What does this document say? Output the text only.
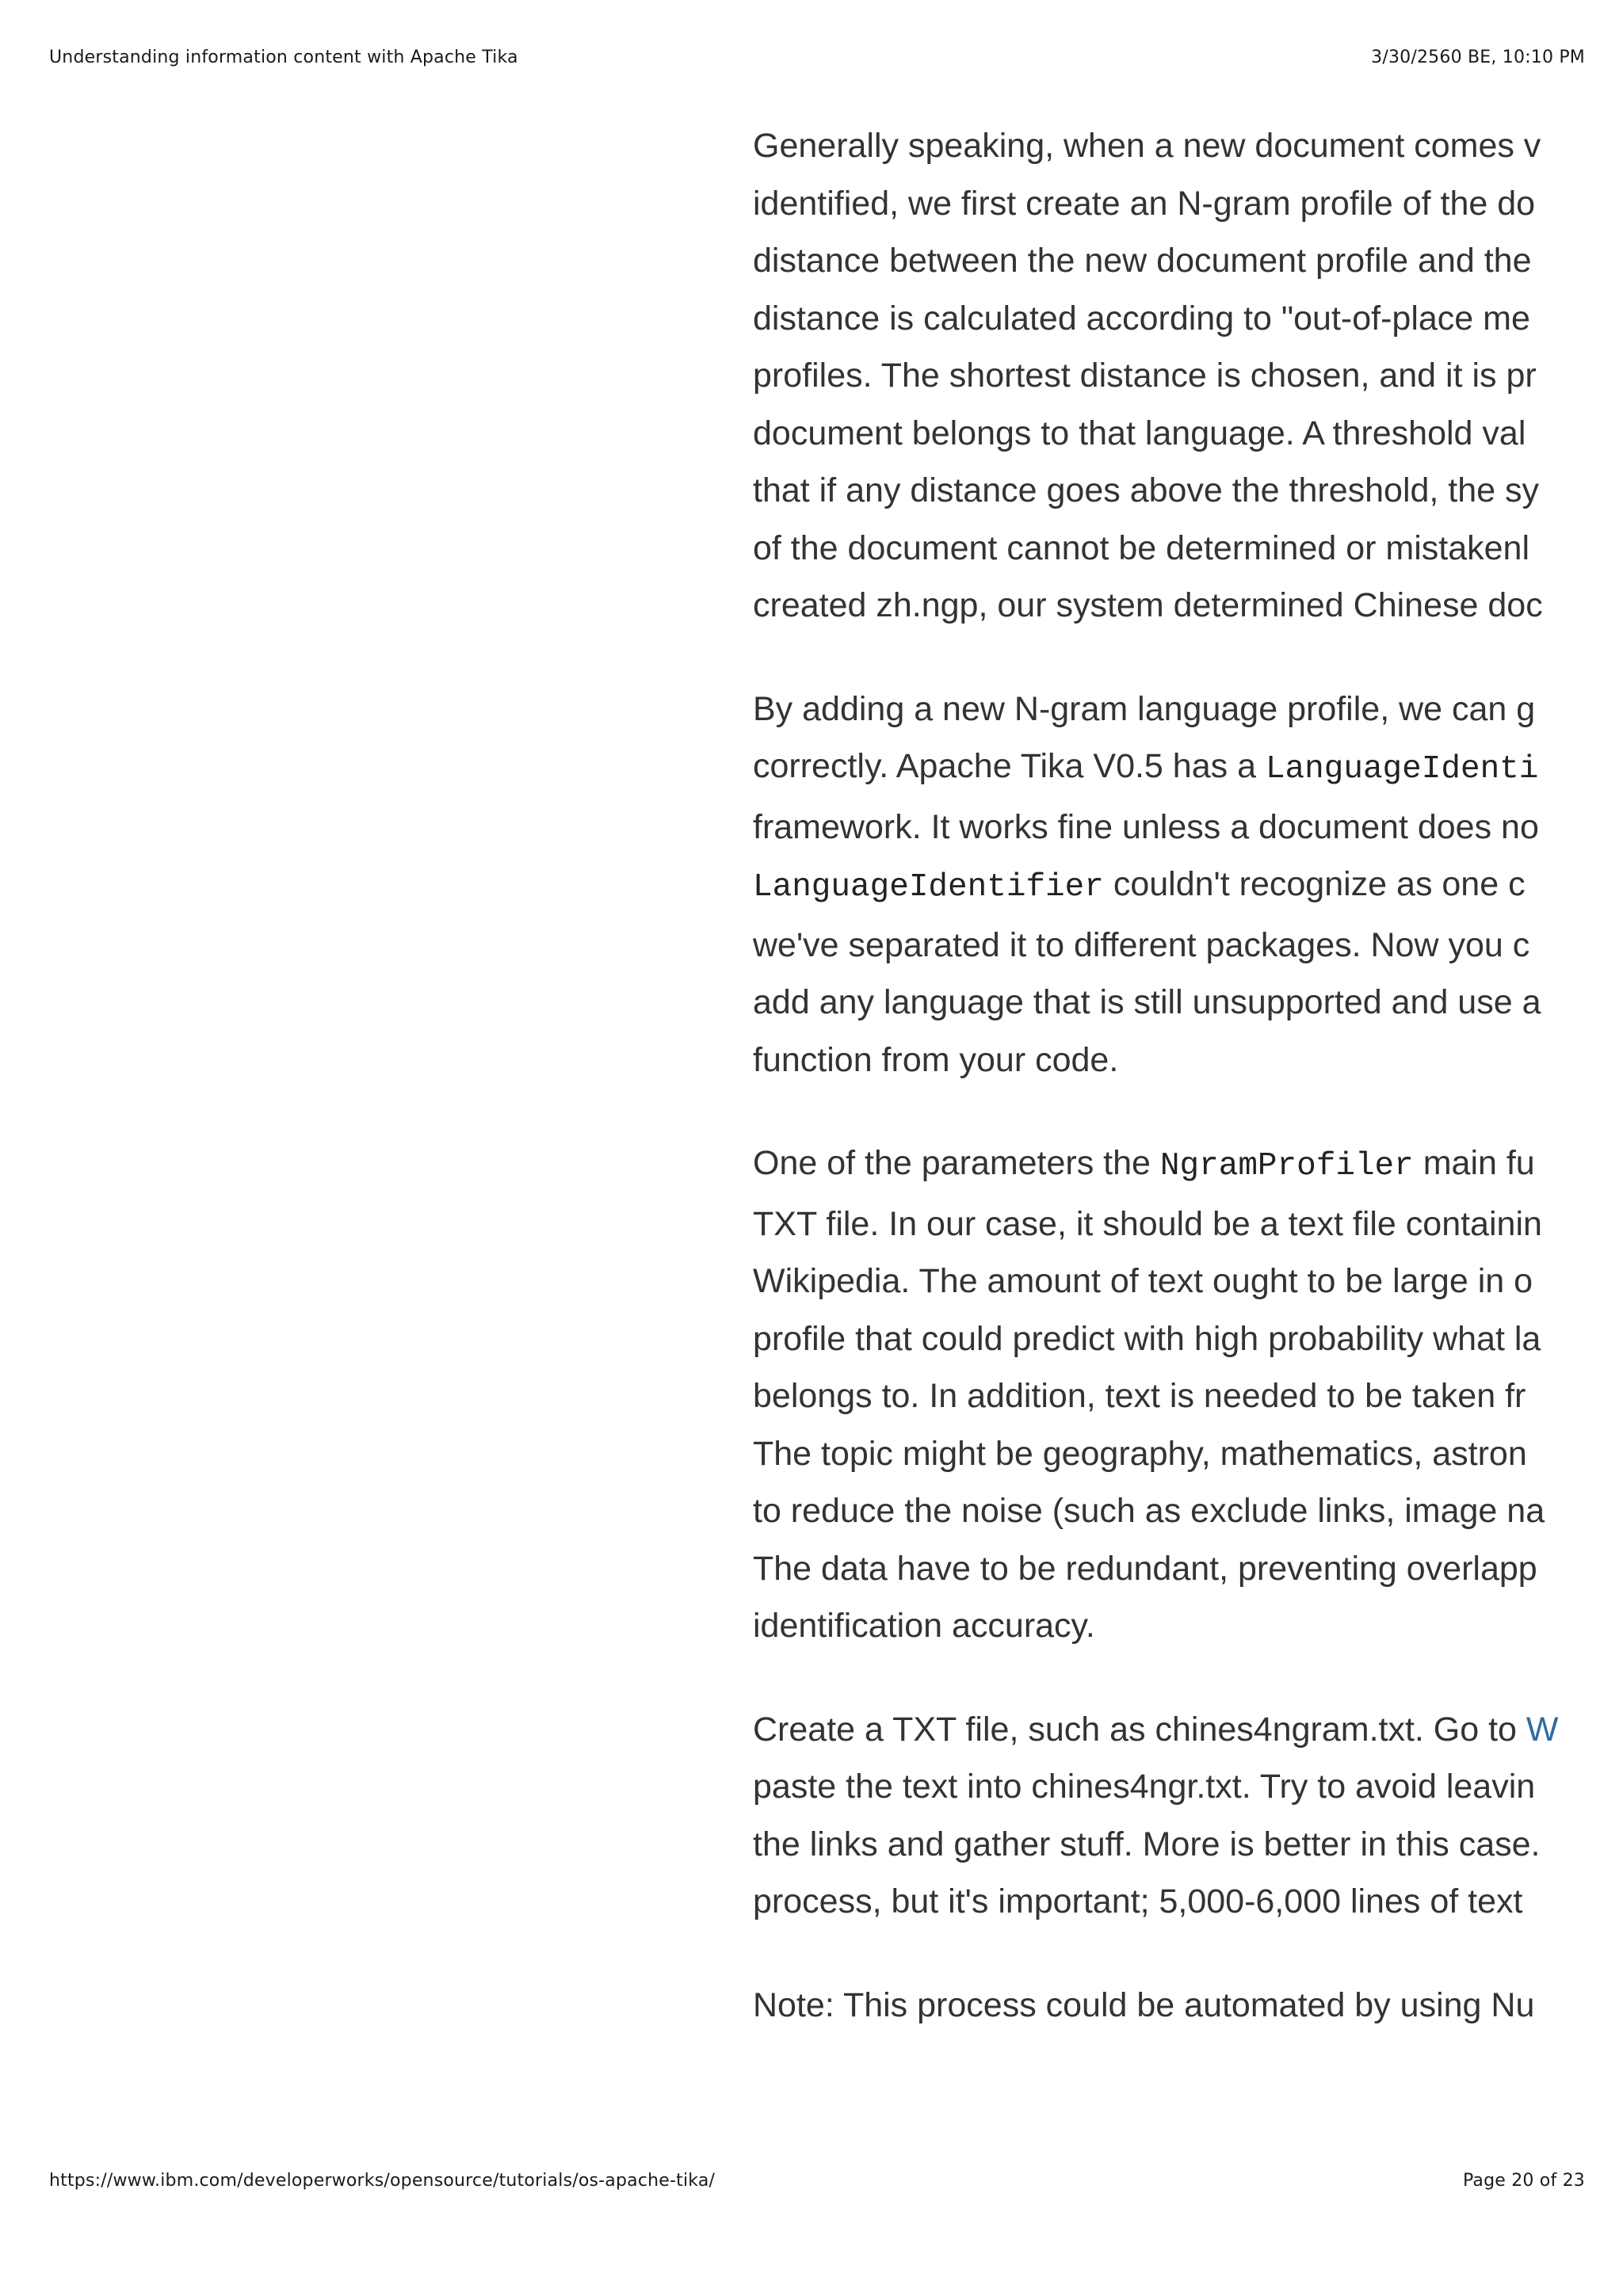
Understanding information content with Apache Tika	3/30/2560 BE, 10:10 PM

Generally speaking, when a new document comes v
identified, we first create an N-gram profile of the do
distance between the new document profile and the
distance is calculated according to "out-of-place me
profiles. The shortest distance is chosen, and it is pr
document belongs to that language. A threshold val
that if any distance goes above the threshold, the sy
of the document cannot be determined or mistakenl
created zh.ngp, our system determined Chinese doc

By adding a new N-gram language profile, we can g
correctly. Apache Tika V0.5 has a LanguageIdenti
framework. It works fine unless a document does no
LanguageIdentifier couldn't recognize as one c
we've separated it to different packages. Now you c
add any language that is still unsupported and use a
function from your code.

One of the parameters the NgramProfiler main fu
TXT file. In our case, it should be a text file containin
Wikipedia. The amount of text ought to be large in o
profile that could predict with high probability what la
belongs to. In addition, text is needed to be taken fr
The topic might be geography, mathematics, astron
to reduce the noise (such as exclude links, image na
The data have to be redundant, preventing overlapp
identification accuracy.

Create a TXT file, such as chines4ngram.txt. Go to W
paste the text into chines4ngr.txt. Try to avoid leavin
the links and gather stuff. More is better in this case.
process, but it's important; 5,000-6,000 lines of text

Note: This process could be automated by using Nu

https://www.ibm.com/developerworks/opensource/tutorials/os-apache-tika/	Page 20 of 23
